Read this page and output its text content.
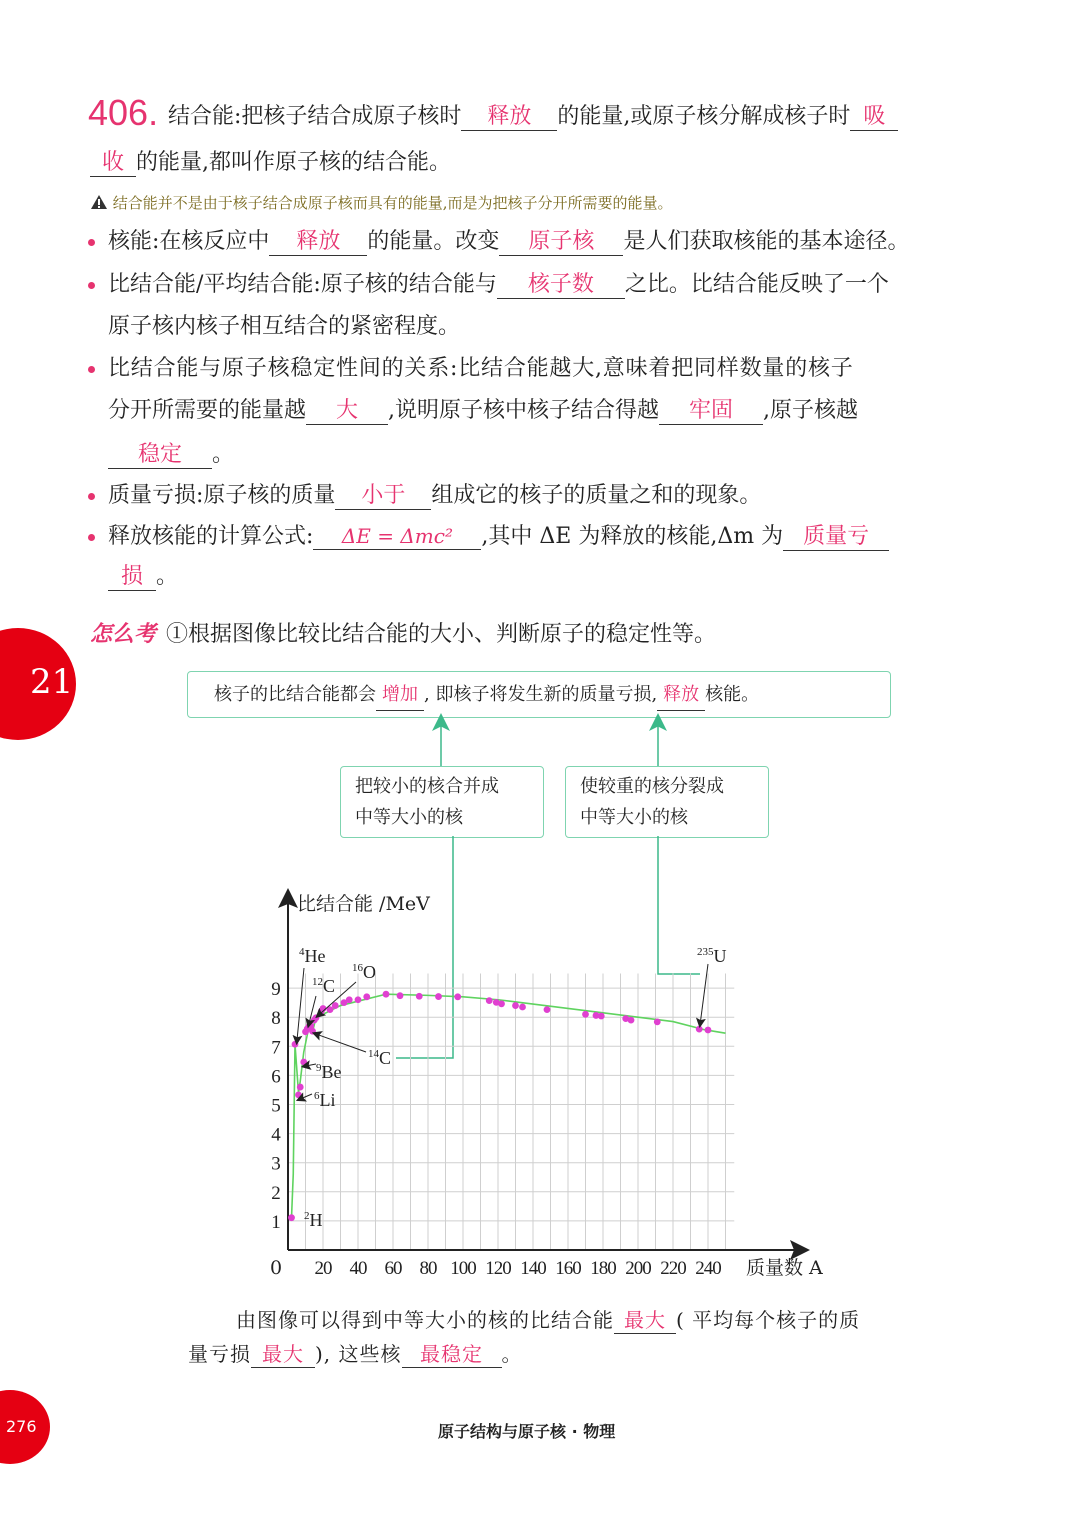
21
406. 结合能:把核子结合成原子核时 释放 的能量,或原子核分解成核子时 吸
收 的能量,都叫作原子核的结合能。
结合能并不是由于核子结合成原子核而具有的能量,而是为把核子分开所需要的能量。
核能:在核反应中 释放 的能量。改变 原子核 是人们获取核能的基本途径。
比结合能/平均结合能:原子核的结合能与 核子数 之比。比结合能反映了一个
原子核内核子相互结合的紧密程度。
比结合能与原子核稳定性间的关系:比结合能越大,意味着把同样数量的核子
分开所需要的能量越 大 ,说明原子核中核子结合得越 牢固 ,原子核越
稳定 。
质量亏损:原子核的质量 小于 组成它的核子的质量之和的现象。
释放核能的计算公式: ΔE = Δmc² ,其中 ΔE 为释放的核能,Δm 为 质量亏
损 。
怎么考 ①根据图像比较比结合能的大小、判断原子的稳定性等。
核子的比结合能都会 增加 , 即核子将发生新的质量亏损, 释放 核能。
把较小的核合并成
中等大小的核
使较重的核分裂成
中等大小的核
$^2$H
$^4$He
$^6$Li
$^9$Be
$^{12}$C
$^{14}$C
$^{16}$O
$^{235}$U
比结合能 /MeV
质量数 A
0 20 40 60 80 100 120 140 160 180 200 220 240
1
2
3
4
5
6
7
8
9
由图像可以得到中等大小的核的比结合能 最大 ( 平均每个核子的质
量亏损 最大 ), 这些核 最稳定 。
276	原子结构与原子核 · 物理
